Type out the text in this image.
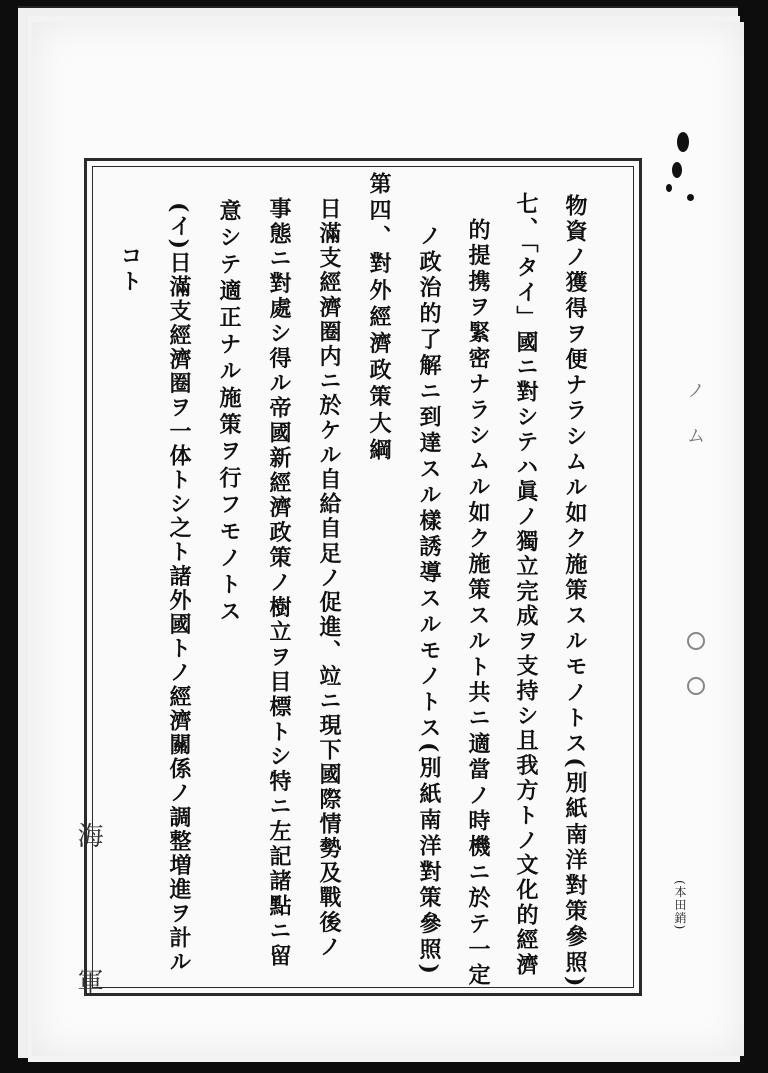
物資ノ獲得ヲ便ナラシムル如ク施策スルモノトス(別紙南洋對策參照)
七、「タイ」國ニ對シテハ眞ノ獨立完成ヲ支持シ且我方トノ文化的經濟
的提携ヲ緊密ナラシムル如ク施策スルト共ニ適當ノ時機ニ於テ一定
ノ政治的了解ニ到達スル樣誘導スルモノトス(別紙南洋對策參照)
第四、對外經濟政策大綱
日滿支經濟圈内ニ於ケル自給自足ノ促進、竝ニ現下國際情勢及戰後ノ
事態ニ對處シ得ル帝國新經濟政策ノ樹立ヲ目標トシ特ニ左記諸點ニ留
意シテ適正ナル施策ヲ行フモノトス
(イ)日滿支經濟圈ヲ一体トシ之ト諸外國トノ經濟關係ノ調整増進ヲ計ル
コト
(本田銷)
海 軍
ノ
ム
